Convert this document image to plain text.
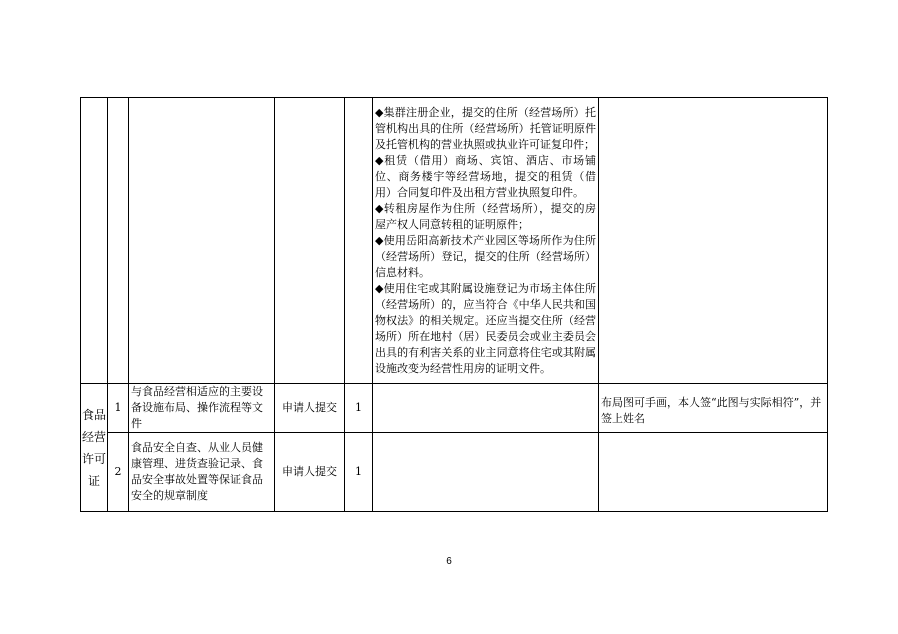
					◆集群注册企业，提交的住所（经营场所）托管机构出具的住所（经营场所）托管证明原件及托管机构的营业执照或执业许可证复印件；
◆租赁（借用）商场、宾馆、酒店、市场铺位、商务楼宇等经营场地，提交的租赁（借用）合同复印件及出租方营业执照复印件。
◆转租房屋作为住所（经营场所），提交的房屋产权人同意转租的证明原件；
◆使用岳阳高新技术产业园区等场所作为住所（经营场所）登记，提交的住所（经营场所）信息材料。
◆使用住宅或其附属设施登记为市场主体住所（经营场所）的，应当符合《中华人民共和国物权法》的相关规定。还应当提交住所（经营场所）所在地村（居）民委员会或业主委员会出具的有利害关系的业主同意将住宅或其附属设施改变为经营性用房的证明文件。	

食品经营许可证	1	与食品经营相适应的主要设备设施布局、操作流程等文件	申请人提交	1		布局图可手画，本人签“此图与实际相符”，并签上姓名
	2	食品安全自查、从业人员健康管理、进货查验记录、食品安全事故处置等保证食品安全的规章制度	申请人提交	1		
6
